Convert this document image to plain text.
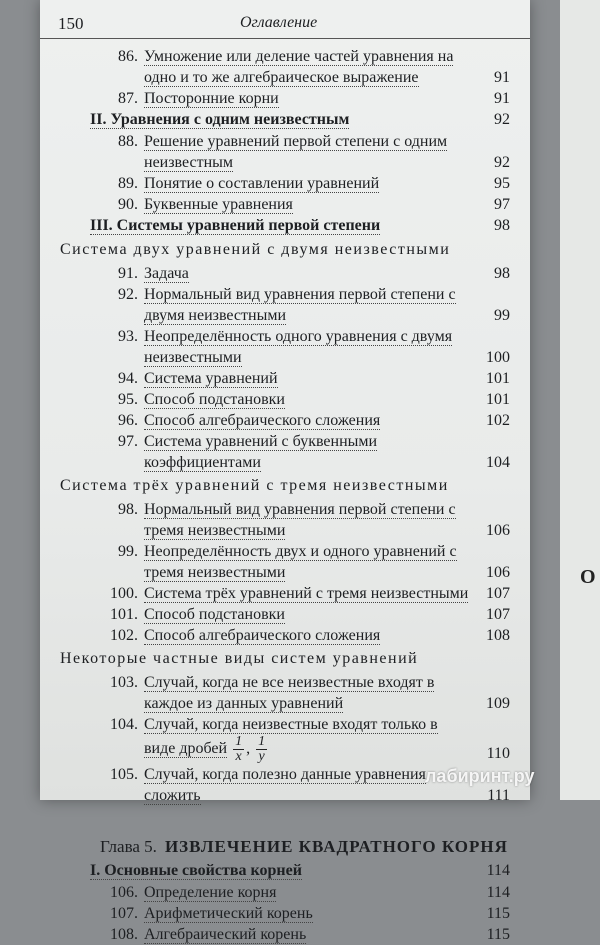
О
150	Оглавление
86. Умножение или деление частей уравнения на одно и то же алгебраическое выражение	91
87. Посторонние корни	91
II. Уравнения с одним неизвестным	92
88. Решение уравнений первой степени с одним неизвестным	92
89. Понятие о составлении уравнений	95
90. Буквенные уравнения	97
III. Системы уравнений первой степени	98
Система двух уравнений с двумя неизвестными
91. Задача	98
92. Нормальный вид уравнения первой степени с двумя неизвестными	99
93. Неопределённость одного уравнения с двумя неизвестными	100
94. Система уравнений	101
95. Способ подстановки	101
96. Способ алгебраического сложения	102
97. Система уравнений с буквенными коэффициентами	104
Система трёх уравнений с тремя неизвестными
98. Нормальный вид уравнения первой степени с тремя неизвестными	106
99. Неопределённость двух и одного уравнений с тремя неизвестными	106
100. Система трёх уравнений с тремя неизвестными	107
101. Способ подстановки	107
102. Способ алгебраического сложения	108
Некоторые частные виды систем уравнений
103. Случай, когда не все неизвестные входят в каждое из данных уравнений	109
104. Случай, когда неизвестные входят только в виде дробей $\frac{1}{x}$ , $\frac{1}{y}$	110
105. Случай, когда полезно данные уравнения сложить	111
Глава 5. ИЗВЛЕЧЕНИЕ КВАДРАТНОГО КОРНЯ
I. Основные свойства корней	114
106. Определение корня	114
107. Арифметический корень	115
108. Алгебраический корень	115
лабиринт.ру
